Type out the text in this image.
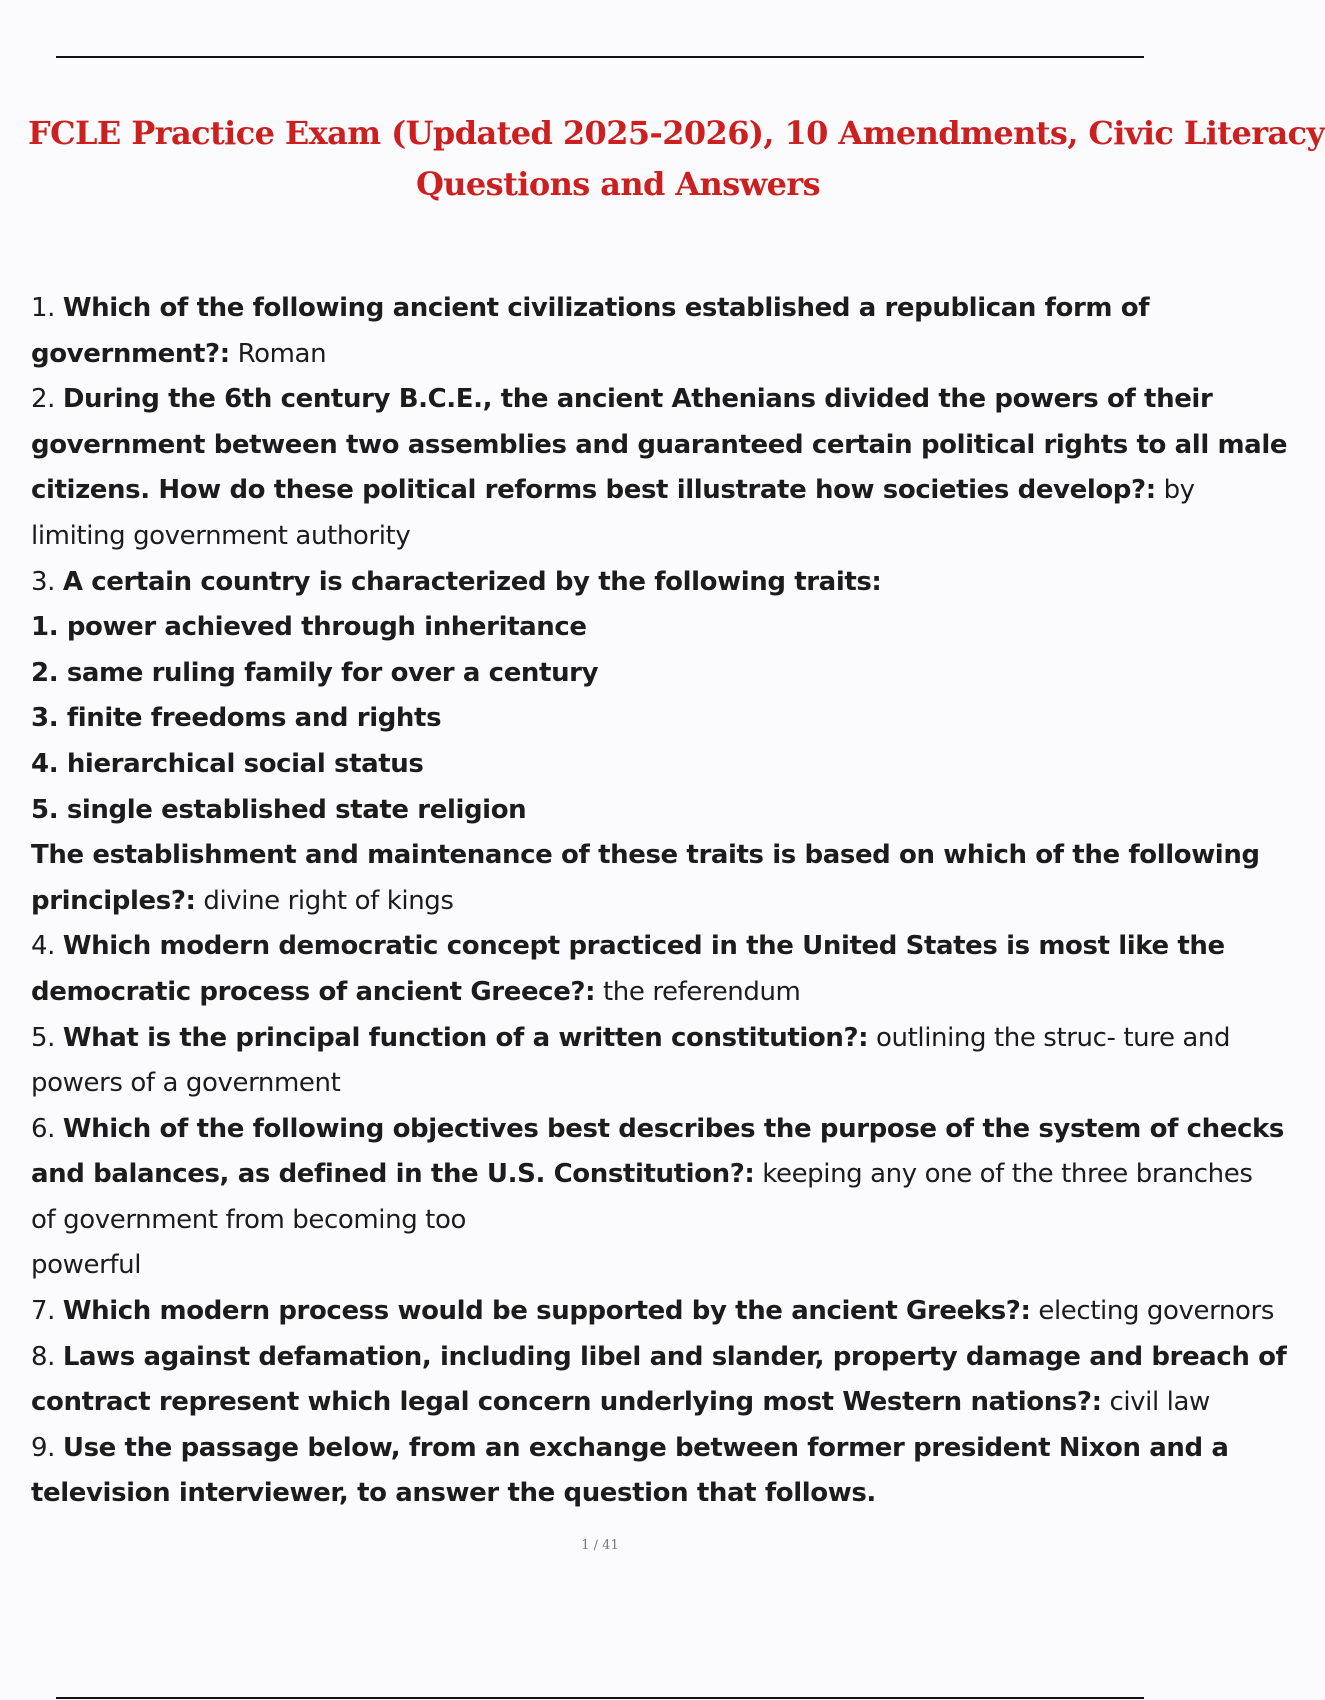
FCLE Practice Exam (Updated 2025-2026), 10 Amendments, Civic Literacy
Questions and Answers

1. Which of the following ancient civilizations established a republican form of

government?: Roman

2. During the 6th century B.C.E., the ancient Athenians divided the powers of their

government between two assemblies and guaranteed certain political rights to all male

citizens. How do these political reforms best illustrate how societies develop?: by

limiting government authority

3. A certain country is characterized by the following traits:

1. power achieved through inheritance

2. same ruling family for over a century

3. finite freedoms and rights

4. hierarchical social status

5. single established state religion

The establishment and maintenance of these traits is based on which of the following

principles?: divine right of kings

4. Which modern democratic concept practiced in the United States is most like the

democratic process of ancient Greece?: the referendum

5. What is the principal function of a written constitution?: outlining the struc- ture and

powers of a government

6. Which of the following objectives best describes the purpose of the system of checks

and balances, as defined in the U.S. Constitution?: keeping any one of the three branches

of government from becoming too

powerful

7. Which modern process would be supported by the ancient Greeks?: electing governors

8. Laws against defamation, including libel and slander, property damage and breach of

contract represent which legal concern underlying most Western nations?: civil law

9. Use the passage below, from an exchange between former president Nixon and a

television interviewer, to answer the question that follows.

1 / 41
